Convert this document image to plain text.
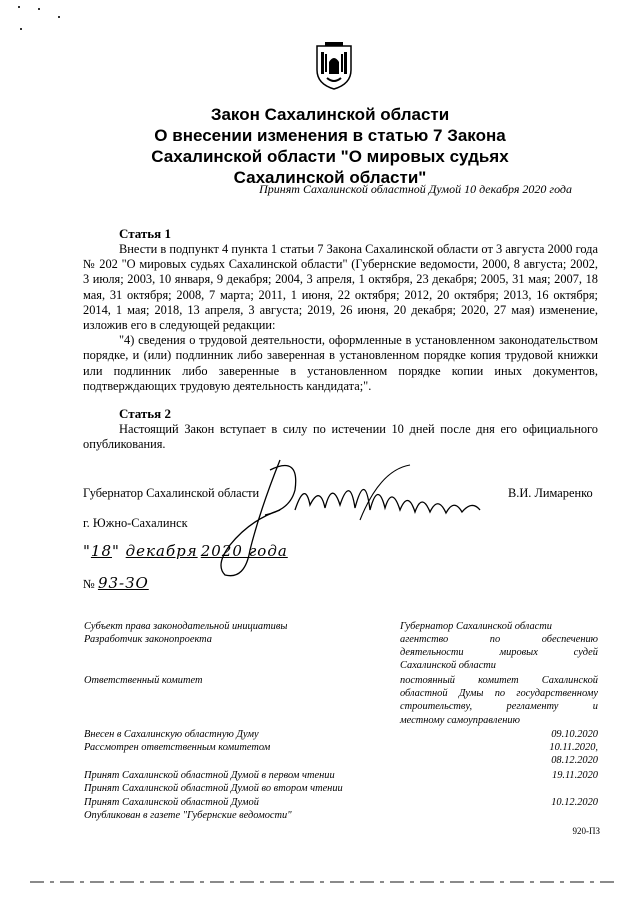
Закон Сахалинской области
О внесении изменения в статью 7 Закона
Сахалинской области "О мировых судьях
Сахалинской области"
Принят Сахалинской областной Думой 10 декабря 2020 года
Статья 1

Внести в подпункт 4 пункта 1 статьи 7 Закона Сахалинской области от 3 августа 2000 года № 202 "О мировых судьях Сахалинской области" (Губернские ведомости, 2000, 8 августа; 2002, 3 июля; 2003, 10 января, 9 декабря; 2004, 3 апреля, 1 октября, 23 декабря; 2005, 31 мая; 2007, 18 мая, 31 октября; 2008, 7 марта; 2011, 1 июня, 22 октября; 2012, 20 октября; 2013, 16 октября; 2014, 1 мая; 2018, 13 апреля, 3 августа; 2019, 26 июня, 20 декабря; 2020, 27 мая) изменение, изложив его в следующей редакции:

"4) сведения о трудовой деятельности, оформленные в установленном законодательством порядке, и (или) подлинник либо заверенная в установленном порядке копия трудовой книжки или подлинник либо заверенные в установленном порядке копии иных документов, подтверждающих трудовую деятельность кандидата;".

Статья 2

Настоящий Закон вступает в силу по истечении 10 дней после дня его официального опубликования.

Губернатор Сахалинской области	В.И. Лимаренко
г. Южно-Сахалинск
"18" декабря 2020 года
№ 93-ЗО
Субъект права законодательной инициативы	Губернатор Сахалинской области
Разработчик законопроекта	агентство по обеспечению
деятельности мировых судей
Сахалинской области
Ответственный комитет	постоянный комитет Сахалинской
областной Думы по государственному
строительству, регламенту и
местному самоуправлению
Внесен в Сахалинскую областную Думу	09.10.2020
Рассмотрен ответственным комитетом	10.11.2020,
08.12.2020
Принят Сахалинской областной Думой в первом чтении	19.11.2020
Принят Сахалинской областной Думой во втором чтении
Принят Сахалинской областной Думой	10.12.2020
Опубликован в газете "Губернские ведомости"
920-ПЗ
